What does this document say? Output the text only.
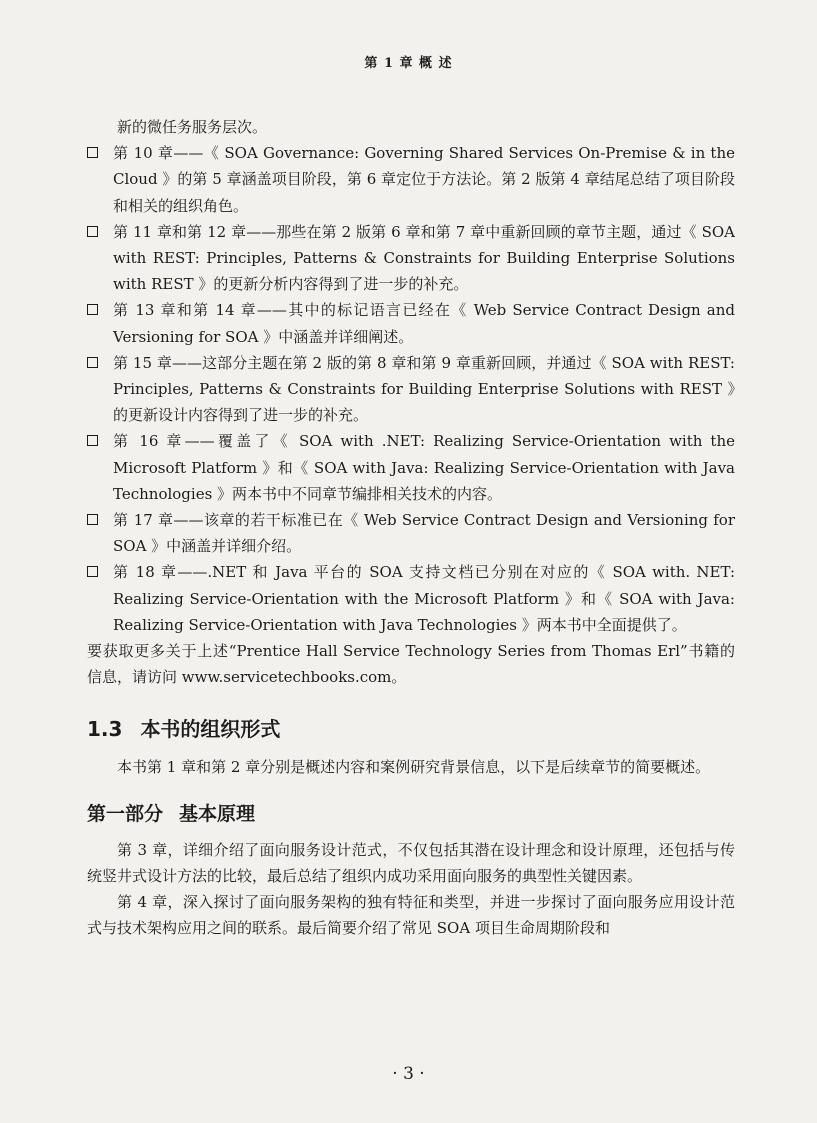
第 1 章 概 述

新的微任务服务层次。

第 10 章——《 SOA Governance: Governing Shared Services On-Premise & in the Cloud 》的第 5 章涵盖项目阶段，第 6 章定位于方法论。第 2 版第 4 章结尾总结了项目阶段和相关的组织角色。
第 11 章和第 12 章——那些在第 2 版第 6 章和第 7 章中重新回顾的章节主题，通过《 SOA with REST: Principles, Patterns & Constraints for Building Enterprise Solutions with REST 》的更新分析内容得到了进一步的补充。
第 13 章和第 14 章——其中的标记语言已经在《 Web Service Contract Design and Versioning for SOA 》中涵盖并详细阐述。
第 15 章——这部分主题在第 2 版的第 8 章和第 9 章重新回顾，并通过《 SOA with REST: Principles, Patterns & Constraints for Building Enterprise Solutions with REST 》的更新设计内容得到了进一步的补充。
第 16 章——覆盖了《 SOA with .NET: Realizing Service-Orientation with the Microsoft Platform 》和《 SOA with Java: Realizing Service-Orientation with Java Technologies 》两本书中不同章节编排相关技术的内容。
第 17 章——该章的若干标准已在《 Web Service Contract Design and Versioning for SOA 》中涵盖并详细介绍。
第 18 章——.NET 和 Java 平台的 SOA 支持文档已分别在对应的《 SOA with. NET: Realizing Service-Orientation with the Microsoft Platform 》和《 SOA with Java: Realizing Service-Orientation with Java Technologies 》两本书中全面提供了。

要获取更多关于上述“Prentice Hall Service Technology Series from Thomas Erl”书籍的信息，请访问 www.servicetechbooks.com。

1.3 本书的组织形式

本书第 1 章和第 2 章分别是概述内容和案例研究背景信息，以下是后续章节的简要概述。

第一部分 基本原理

第 3 章，详细介绍了面向服务设计范式，不仅包括其潜在设计理念和设计原理，还包括与传统竖井式设计方法的比较，最后总结了组织内成功采用面向服务的典型性关键因素。

第 4 章，深入探讨了面向服务架构的独有特征和类型，并进一步探讨了面向服务应用设计范式与技术架构应用之间的联系。最后简要介绍了常见 SOA 项目生命周期阶段和

· 3 ·
